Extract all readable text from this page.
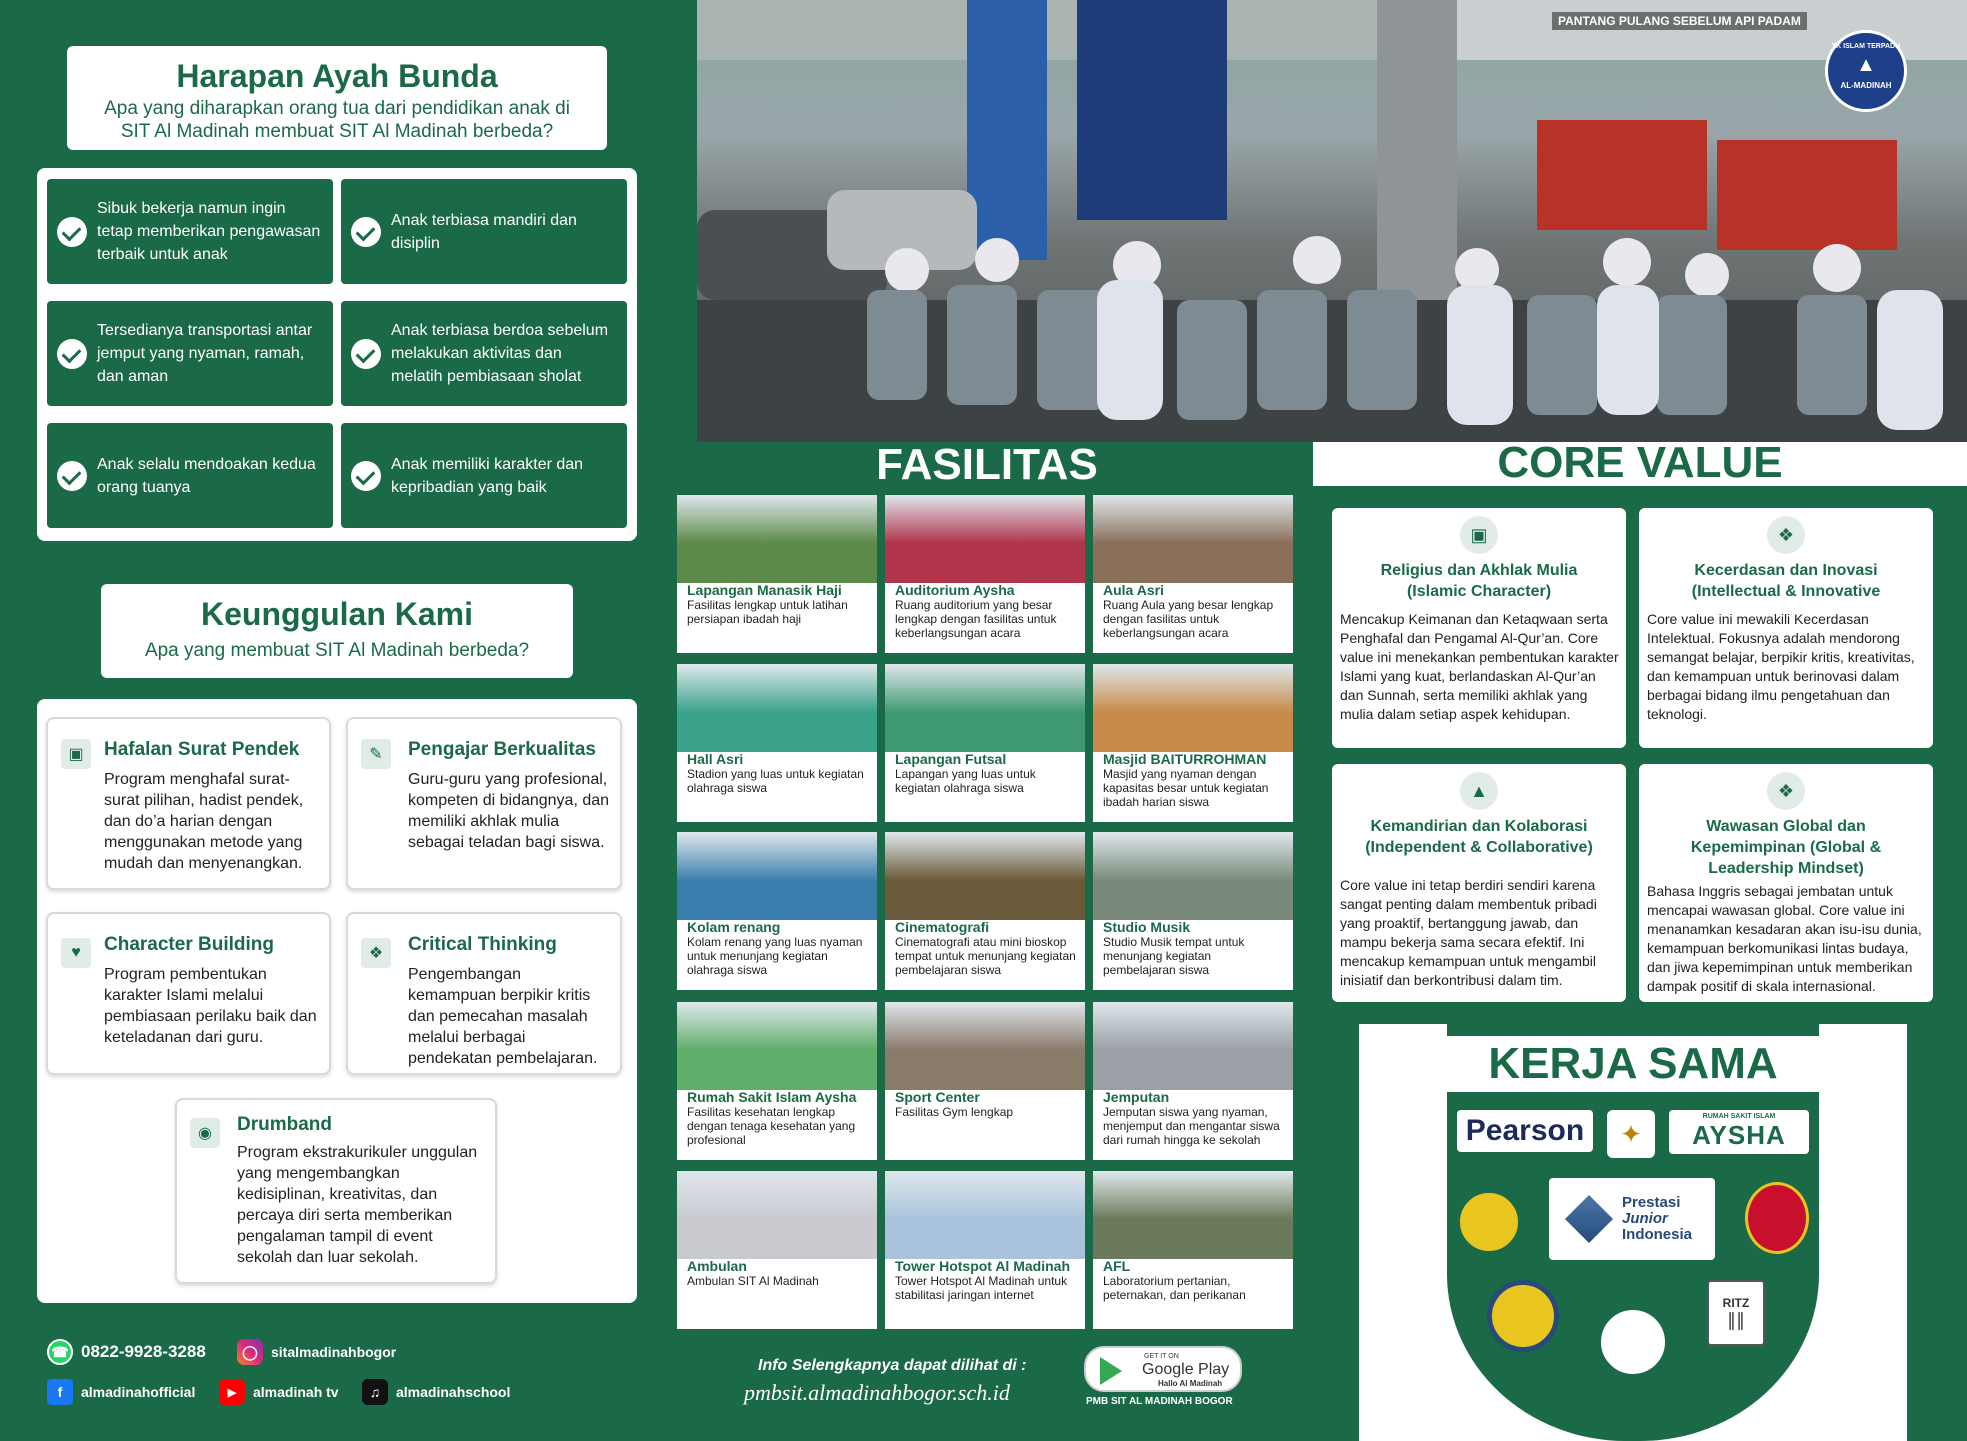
Harapan Ayah Bunda

Apa yang diharapkan orang tua dari pendidikan anak di

SIT Al Madinah membuat SIT Al Madinah berbeda?

Sibuk bekerja namun ingin tetap memberikan pengawasan terbaik untuk anak
Anak terbiasa mandiri dan disiplin
Tersedianya transportasi antar jemput yang nyaman, ramah, dan aman
Anak terbiasa berdoa sebelum melakukan aktivitas dan melatih pembiasaan sholat
Anak selalu mendoakan kedua orang tuanya
Anak memiliki karakter dan kepribadian yang baik
Keunggulan Kami

Apa yang membuat SIT Al Madinah berbeda?

▣ Hafalan Surat Pendek

Program menghafal surat-surat pilihan, hadist pendek, dan do’a harian dengan menggunakan metode yang mudah dan menyenangkan.

✎ Pengajar Berkualitas

Guru-guru yang profesional, kompeten di bidangnya, dan memiliki akhlak mulia sebagai teladan bagi siswa.

♥ Character Building

Program pembentukan karakter Islami melalui pembiasaan perilaku baik dan keteladanan dari guru.

❖ Critical Thinking

Pengembangan kemampuan berpikir kritis dan pemecahan masalah melalui berbagai pendekatan pembelajaran.

◉ Drumband

Program ekstrakurikuler unggulan yang mengembangkan kedisiplinan, kreativitas, dan percaya diri serta memberikan pengalaman tampil di event sekolah dan luar sekolah.

☎ 0822-9928-3288	◯ sitalmadinahbogor
f	almadinahofficial	▶	almadinah tv	♫	almadinahschool
PANTANG PULANG SEBELUM API PADAM
TK ISLAM TERPADU
▲
AL-MADINAH
FASILITAS
Lapangan Manasik Haji

Fasilitas lengkap untuk latihan persiapan ibadah haji

Auditorium Aysha

Ruang auditorium yang besar lengkap dengan fasilitas untuk keberlangsungan acara

Aula Asri

Ruang Aula yang besar lengkap dengan fasilitas untuk keberlangsungan acara

Hall Asri

Stadion yang luas untuk kegiatan olahraga siswa

Lapangan Futsal

Lapangan yang luas untuk kegiatan olahraga siswa

Masjid BAITURROHMAN

Masjid yang nyaman dengan kapasitas besar untuk kegiatan ibadah harian siswa

Kolam renang

Kolam renang yang luas nyaman untuk menunjang kegiatan olahraga siswa

Cinematografi

Cinematografi atau mini bioskop tempat untuk menunjang kegiatan pembelajaran siswa

Studio Musik

Studio Musik tempat untuk menunjang kegiatan pembelajaran siswa

Rumah Sakit Islam Aysha

Fasilitas kesehatan lengkap dengan tenaga kesehatan yang profesional

Sport Center

Fasilitas Gym lengkap

Jemputan

Jemputan siswa yang nyaman, menjemput dan mengantar siswa dari rumah hingga ke sekolah

Ambulan

Ambulan SIT Al Madinah

Tower Hotspot Al Madinah

Tower Hotspot Al Madinah untuk stabilitasi jaringan internet

AFL

Laboratorium pertanian, peternakan, dan perikanan

Info Selengkapnya dapat dilihat di :
pmbsit.almadinahbogor.sch.id
GET IT ON
Google Play
Hallo Al Madinah
PMB SIT AL MADINAH BOGOR
CORE VALUE
▣
Religius dan Akhlak Mulia
(Islamic Character)

Mencakup Keimanan dan Ketaqwaan serta Penghafal dan Pengamal Al-Qur’an. Core value ini menekankan pembentukan karakter Islami yang kuat, berlandaskan Al-Qur’an dan Sunnah, serta memiliki akhlak yang mulia dalam setiap aspek kehidupan.

❖
Kecerdasan dan Inovasi
(Intellectual & Innovative

Core value ini mewakili Kecerdasan Intelektual. Fokusnya adalah mendorong semangat belajar, berpikir kritis, kreativitas, dan kemampuan untuk berinovasi dalam berbagai bidang ilmu pengetahuan dan teknologi.

▲
Kemandirian dan Kolaborasi
(Independent & Collaborative)

Core value ini tetap berdiri sendiri karena sangat penting dalam membentuk pribadi yang proaktif, bertanggung jawab, dan mampu bekerja sama secara efektif. Ini mencakup kemampuan untuk mengambil inisiatif dan berkontribusi dalam tim.

❖
Wawasan Global dan
Kepemimpinan (Global & Leadership Mindset)

Bahasa Inggris sebagai jembatan untuk mencapai wawasan global. Core value ini menanamkan kesadaran akan isu-isu dunia, kemampuan berkomunikasi lintas budaya, dan jiwa kepemimpinan untuk memberikan dampak positif di skala internasional.

KERJA SAMA
Pearson ✦
RUMAH SAKIT ISLAM
AYSHA
Prestasi
Junior
Indonesia
RITZ
∥∥
